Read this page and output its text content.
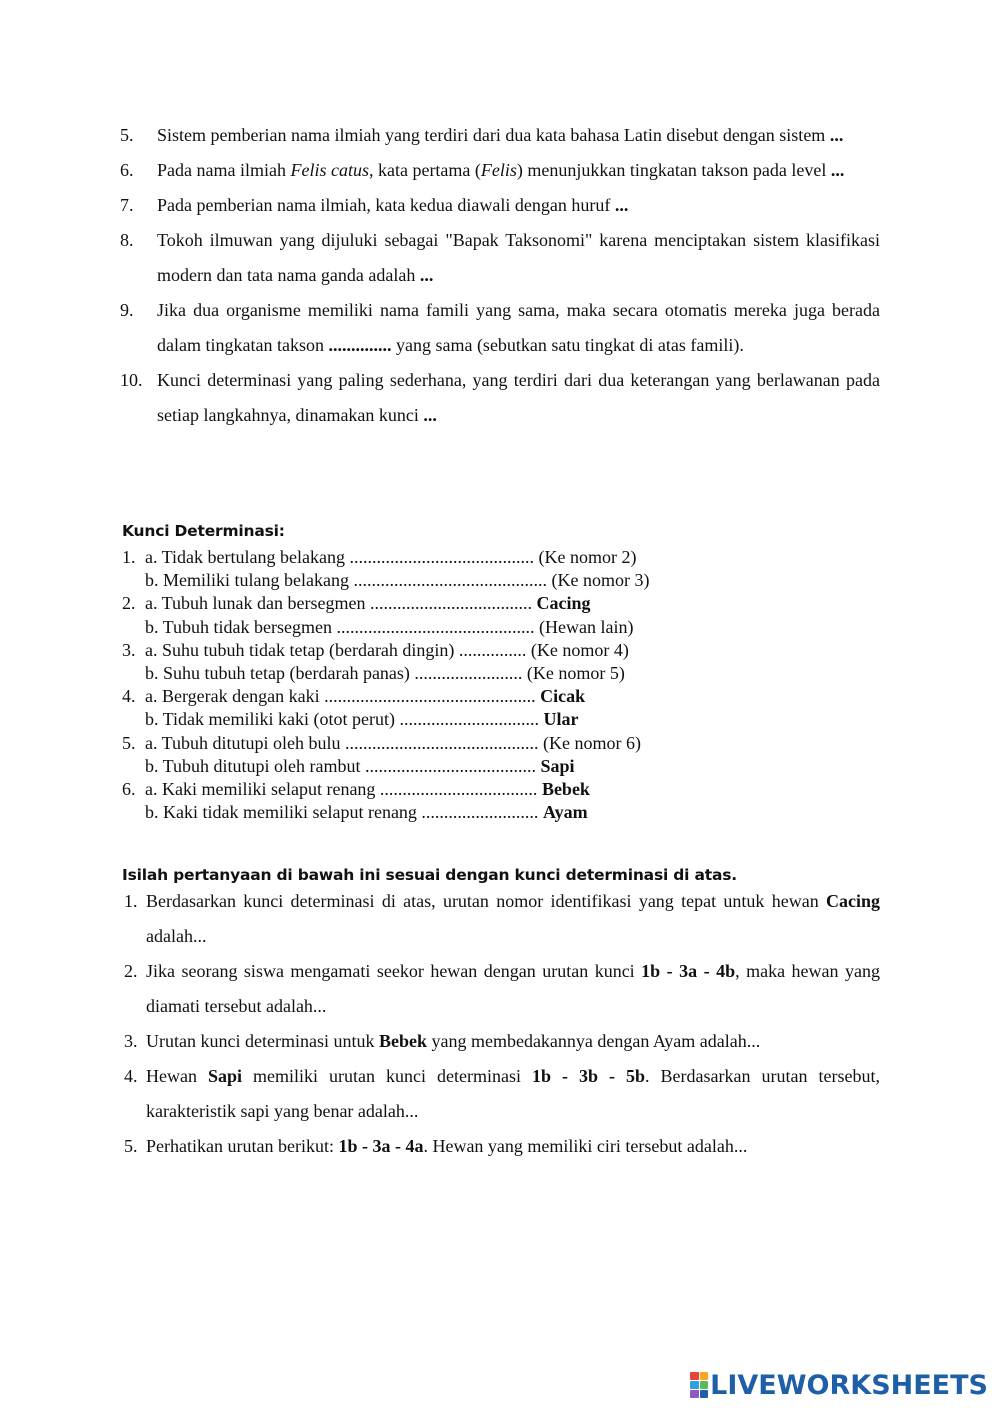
5.	Sistem pemberian nama ilmiah yang terdiri dari dua kata bahasa Latin disebut dengan sistem ...
6.	Pada nama ilmiah Felis catus, kata pertama (Felis) menunjukkan tingkatan takson pada level ...
7.	Pada pemberian nama ilmiah, kata kedua diawali dengan huruf ...
8.	Tokoh ilmuwan yang dijuluki sebagai "Bapak Taksonomi" karena menciptakan sistem klasifikasi modern dan tata nama ganda adalah ...
9.	Jika dua organisme memiliki nama famili yang sama, maka secara otomatis mereka juga berada dalam tingkatan takson .............. yang sama (sebutkan satu tingkat di atas famili).
10. Kunci determinasi yang paling sederhana, yang terdiri dari dua keterangan yang berlawanan pada setiap langkahnya, dinamakan kunci ...
Kunci Determinasi:
1. a. Tidak bertulang belakang ......................................... (Ke nomor 2)
b. Memiliki tulang belakang ........................................... (Ke nomor 3)
2. a. Tubuh lunak dan bersegmen .................................... Cacing
b. Tubuh tidak bersegmen ............................................ (Hewan lain)
3. a. Suhu tubuh tidak tetap (berdarah dingin) ............... (Ke nomor 4)
b. Suhu tubuh tetap (berdarah panas) ........................ (Ke nomor 5)
4. a. Bergerak dengan kaki ............................................... Cicak
b. Tidak memiliki kaki (otot perut) ............................... Ular
5. a. Tubuh ditutupi oleh bulu ........................................... (Ke nomor 6)
b. Tubuh ditutupi oleh rambut ...................................... Sapi
6. a. Kaki memiliki selaput renang ................................... Bebek
b. Kaki tidak memiliki selaput renang .......................... Ayam
Isilah pertanyaan di bawah ini sesuai dengan kunci determinasi di atas.
1. Berdasarkan kunci determinasi di atas, urutan nomor identifikasi yang tepat untuk hewan Cacing adalah...
2. Jika seorang siswa mengamati seekor hewan dengan urutan kunci 1b - 3a - 4b, maka hewan yang diamati tersebut adalah...
3. Urutan kunci determinasi untuk Bebek yang membedakannya dengan Ayam adalah...
4. Hewan Sapi memiliki urutan kunci determinasi 1b - 3b - 5b. Berdasarkan urutan tersebut, karakteristik sapi yang benar adalah...
5. Perhatikan urutan berikut: 1b - 3a - 4a. Hewan yang memiliki ciri tersebut adalah...
LIVEWORKSHEETS
